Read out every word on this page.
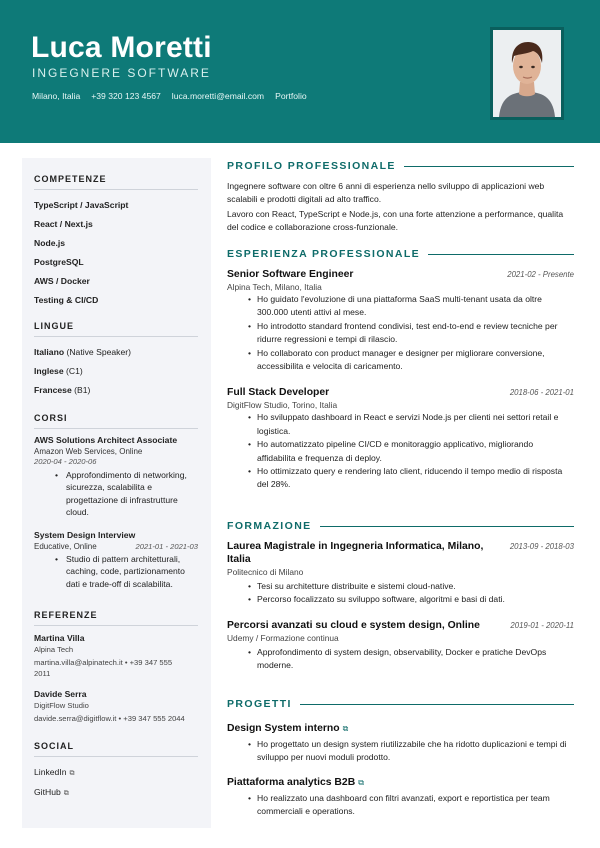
Luca Moretti
INGEGNERE SOFTWARE
Milano, Italia +39 320 123 4567 luca.moretti@email.com Portfolio
COMPETENZE
TypeScript / JavaScript
React / Next.js
Node.js
PostgreSQL
AWS / Docker
Testing & CI/CD
LINGUE
Italiano (Native Speaker)
Inglese (C1)
Francese (B1)
CORSI
AWS Solutions Architect Associate
Amazon Web Services, Online
2020-04 - 2020-06
• Approfondimento di networking, sicurezza, scalabilita e progettazione di infrastrutture cloud.
System Design Interview
Educative, Online	2021-01 - 2021-03
• Studio di pattern architetturali, caching, code, partizionamento dati e trade-off di scalabilita.
REFERENZE
Martina Villa
Alpina Tech
martina.villa@alpinatech.it • +39 347 555
2011
Davide Serra
DigitFlow Studio
davide.serra@digitflow.it • +39 347 555 2044
SOCIAL
LinkedIn ⧉
GitHub ⧉
PROFILO PROFESSIONALE
Ingegnere software con oltre 6 anni di esperienza nello sviluppo di applicazioni web scalabili e prodotti digitali ad alto traffico.
Lavoro con React, TypeScript e Node.js, con una forte attenzione a performance, qualita del codice e collaborazione cross-funzionale.
ESPERIENZA PROFESSIONALE
Senior Software Engineer	2021-02 - Presente
Alpina Tech, Milano, Italia
• Ho guidato l'evoluzione di una piattaforma SaaS multi-tenant usata da oltre 300.000 utenti attivi al mese.
• Ho introdotto standard frontend condivisi, test end-to-end e review tecniche per ridurre regressioni e tempi di rilascio.
• Ho collaborato con product manager e designer per migliorare conversione, accessibilita e velocita di caricamento.
Full Stack Developer	2018-06 - 2021-01
DigitFlow Studio, Torino, Italia
• Ho sviluppato dashboard in React e servizi Node.js per clienti nei settori retail e logistica.
• Ho automatizzato pipeline CI/CD e monitoraggio applicativo, migliorando affidabilita e frequenza di deploy.
• Ho ottimizzato query e rendering lato client, riducendo il tempo medio di risposta del 28%.
FORMAZIONE
Laurea Magistrale in Ingegneria Informatica, Milano, Italia
2013-09 - 2018-03
Politecnico di Milano
• Tesi su architetture distribuite e sistemi cloud-native.
• Percorso focalizzato su sviluppo software, algoritmi e basi di dati.
Percorsi avanzati su cloud e system design, Online	2019-01 - 2020-11
Udemy / Formazione continua
• Approfondimento di system design, observability, Docker e pratiche DevOps moderne.
PROGETTI
Design System interno ⧉
• Ho progettato un design system riutilizzabile che ha ridotto duplicazioni e tempi di sviluppo per nuovi moduli prodotto.
Piattaforma analytics B2B ⧉
• Ho realizzato una dashboard con filtri avanzati, export e reportistica per team commerciali e operations.
